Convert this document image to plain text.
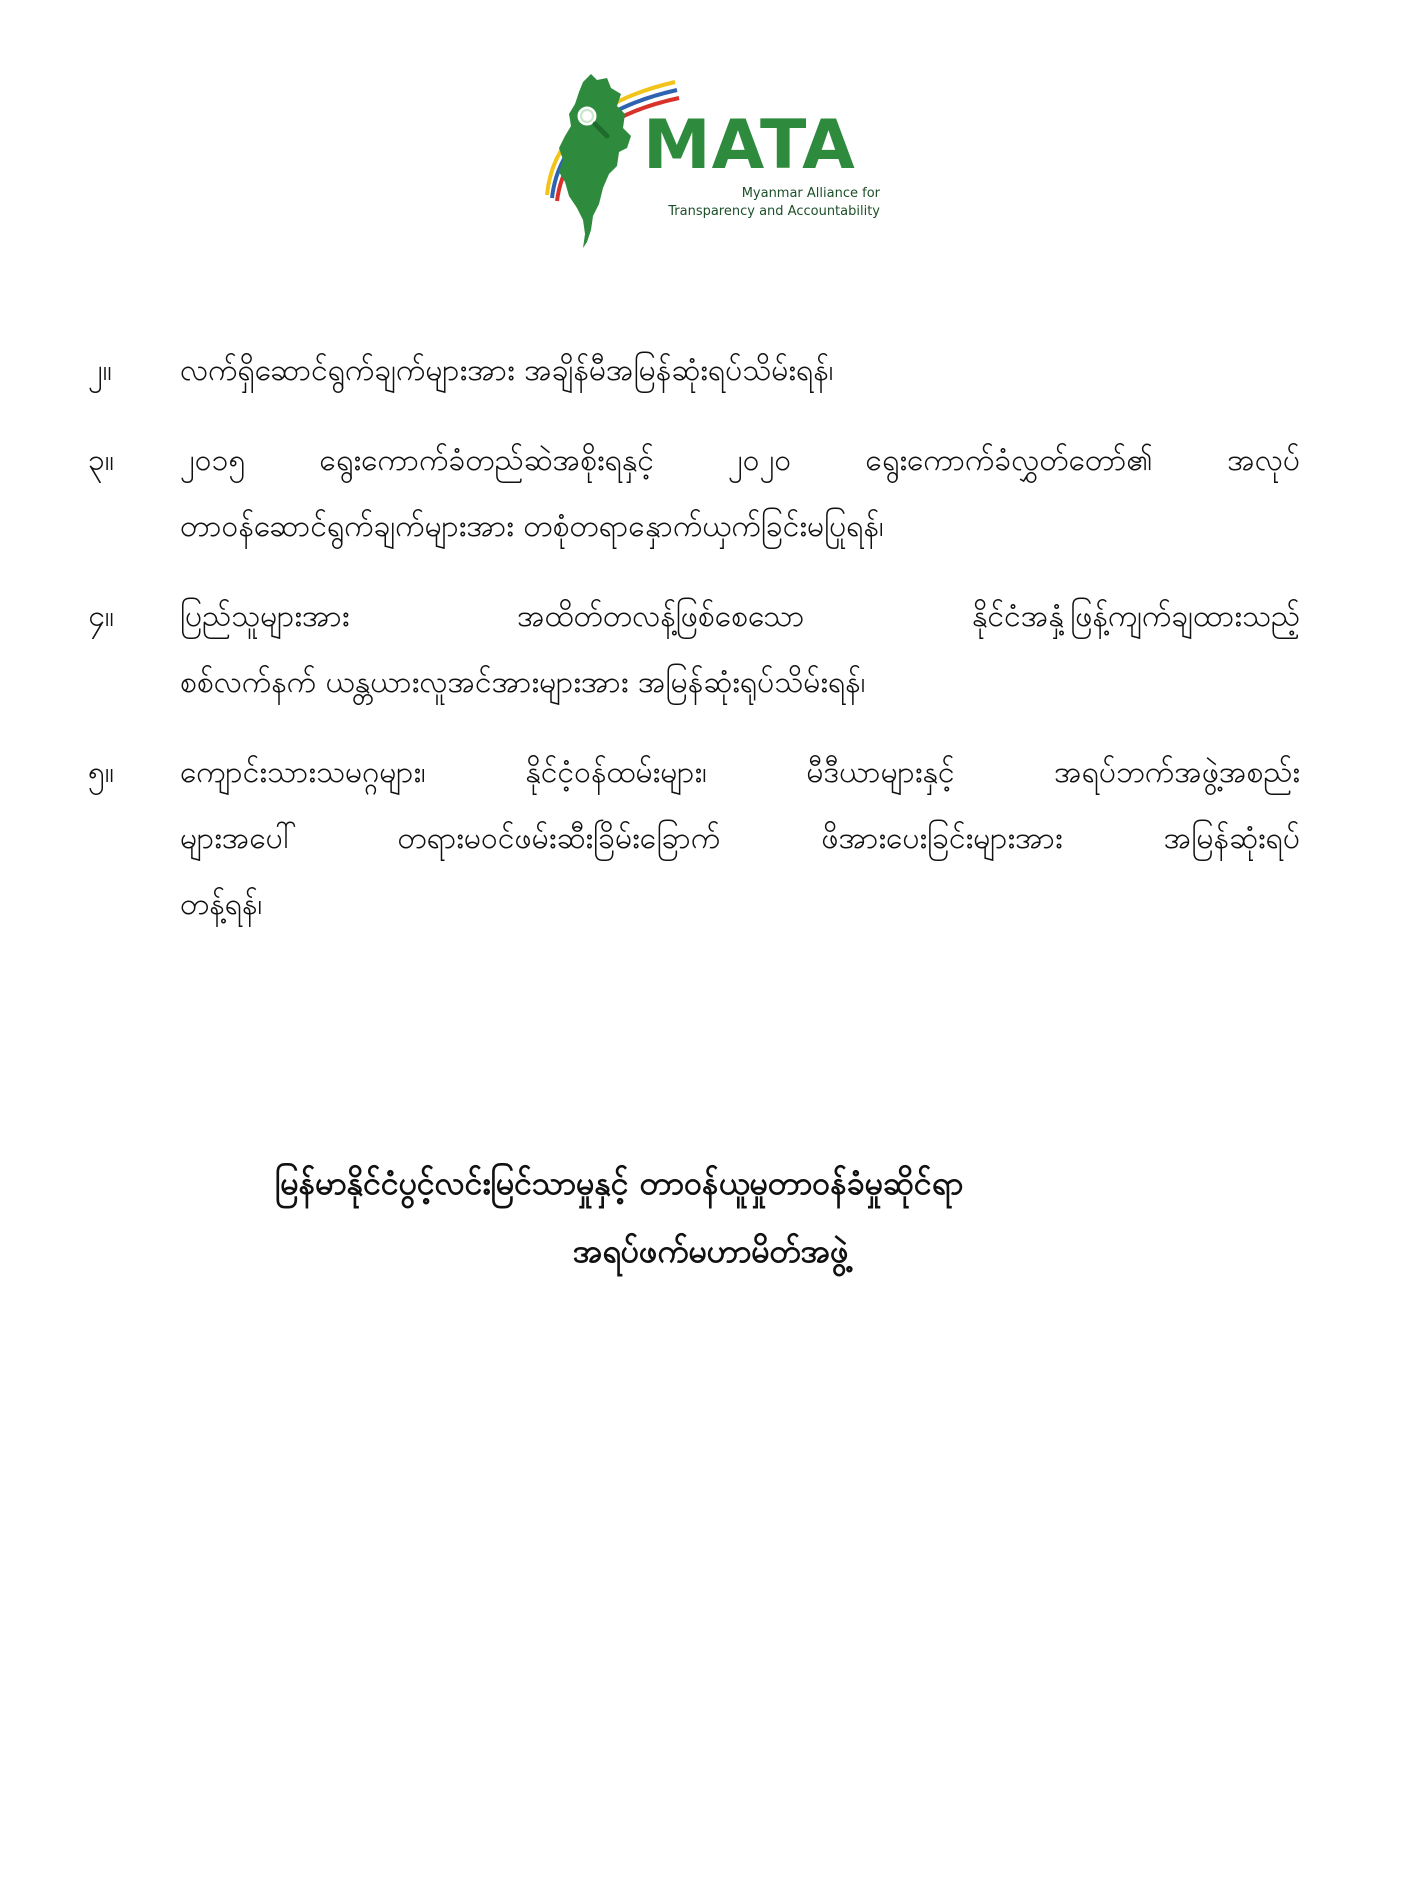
MATA
Myanmar Alliance for
Transparency and Accountability
၂။	လက်ရှိဆောင်ရွက်ချက်များအား အချိန်မီအမြန်ဆုံးရပ်သိမ်းရန်၊
၃။	၂၀၁၅ ရွေးကောက်ခံတည်ဆဲအစိုးရနှင့် ၂၀၂၀ ရွေးကောက်ခံလွှတ်တော်၏ အလုပ်
တာဝန်ဆောင်ရွက်ချက်များအား တစုံတရာနှောက်ယှက်ခြင်းမပြုရန်၊
၄။	ပြည်သူများအား အထိတ်တလန့်ဖြစ်စေသော နိုင်ငံအနှံ့ဖြန့်ကျက်ချထားသည့်
စစ်လက်နက် ယန္တယားလူအင်အားများအား အမြန်ဆုံးရုပ်သိမ်းရန်၊
၅။	ကျောင်းသားသမဂ္ဂများ၊ နိုင်ငံ့ဝန်ထမ်းများ၊ မီဒီယာများနှင့် အရပ်ဘက်အဖွဲ့အစည်း
များအပေါ် တရားမဝင်ဖမ်းဆီးခြိမ်းခြောက် ဖိအားပေးခြင်းများအား အမြန်ဆုံးရပ်
တန့်ရန်၊
မြန်မာနိုင်ငံပွင့်လင်းမြင်သာမှုနှင့် တာဝန်ယူမှုတာဝန်ခံမှုဆိုင်ရာ
အရပ်ဖက်မဟာမိတ်အဖွဲ့
